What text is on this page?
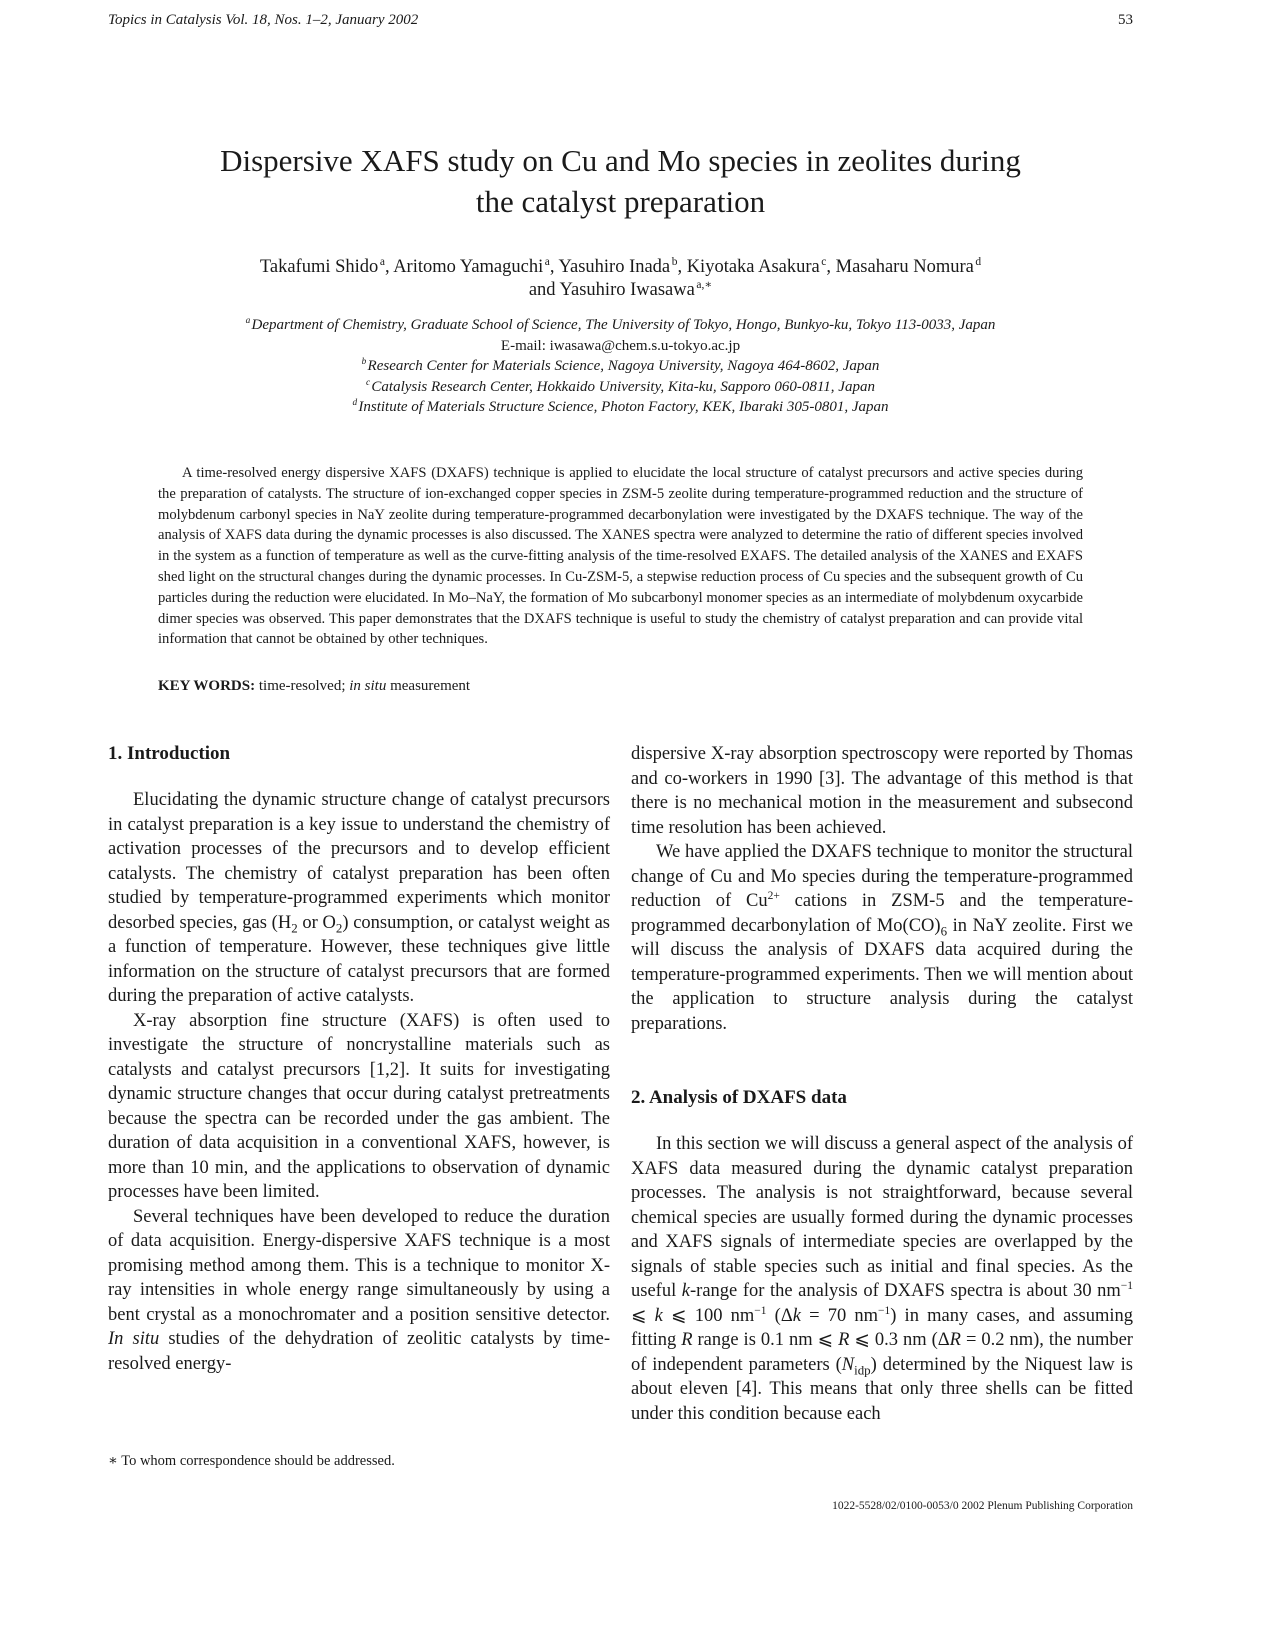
Topics in Catalysis Vol. 18, Nos. 1–2, January 2002	53
Dispersive XAFS study on Cu and Mo species in zeolites during
the catalyst preparation
Takafumi Shido  $^a$, Aritomo Yamaguchi  $^a$, Yasuhiro Inada  $^b$, Kiyotaka Asakura  $^c$, Masaharu Nomura  $^d$
and Yasuhiro Iwasawa  $^{a,∗}$
$^a$ Department of Chemistry, Graduate School of Science, The University of Tokyo, Hongo, Bunkyo-ku, Tokyo 113-0033, Japan
E-mail: iwasawa@chem.s.u-tokyo.ac.jp
$^b$ Research Center for Materials Science, Nagoya University, Nagoya 464-8602, Japan
$^c$ Catalysis Research Center, Hokkaido University, Kita-ku, Sapporo 060-0811, Japan
$^d$ Institute of Materials Structure Science, Photon Factory, KEK, Ibaraki 305-0801, Japan

A time-resolved energy dispersive XAFS (DXAFS) technique is applied to elucidate the local structure of catalyst precursors and active species during the preparation of catalysts. The structure of ion-exchanged copper species in ZSM-5 zeolite during temperature-programmed reduction and the structure of molybdenum carbonyl species in NaY zeolite during temperature-programmed decarbonylation were investigated by the DXAFS technique. The way of the analysis of XAFS data during the dynamic processes is also discussed. The XANES spectra were analyzed to determine the ratio of different species involved in the system as a function of temperature as well as the curve-fitting analysis of the time-resolved EXAFS. The detailed analysis of the XANES and EXAFS shed light on the structural changes during the dynamic processes. In Cu-ZSM-5, a stepwise reduction process of Cu species and the subsequent growth of Cu particles during the reduction were elucidated. In Mo–NaY, the formation of Mo subcarbonyl monomer species as an intermediate of molybdenum oxycarbide dimer species was observed. This paper demonstrates that the DXAFS technique is useful to study the chemistry of catalyst preparation and can provide vital information that cannot be obtained by other techniques.

KEY WORDS: time-resolved; in situ measurement
1. Introduction

Elucidating the dynamic structure change of catalyst precursors in catalyst preparation is a key issue to understand the chemistry of activation processes of the precursors and to develop efficient catalysts. The chemistry of catalyst preparation has been often studied by temperature-programmed experiments which monitor desorbed species, gas ($H_2$ or $O_2$) consumption, or catalyst weight as a function of temperature. However, these techniques give little information on the structure of catalyst precursors that are formed during the preparation of active catalysts.

X-ray absorption fine structure (XAFS) is often used to investigate the structure of noncrystalline materials such as catalysts and catalyst precursors [1,2]. It suits for investigating dynamic structure changes that occur during catalyst pretreatments because the spectra can be recorded under the gas ambient. The duration of data acquisition in a conventional XAFS, however, is more than 10 min, and the applications to observation of dynamic processes have been limited.

Several techniques have been developed to reduce the duration of data acquisition. Energy-dispersive XAFS technique is a most promising method among them. This is a technique to monitor X-ray intensities in whole energy range simultaneously by using a bent crystal as a monochromater and a position sensitive detector. In situ studies of the dehydration of zeolitic catalysts by time-resolved energy-

dispersive X-ray absorption spectroscopy were reported by Thomas and co-workers in 1990 [3]. The advantage of this method is that there is no mechanical motion in the measurement and subsecond time resolution has been achieved.

We have applied the DXAFS technique to monitor the structural change of Cu and Mo species during the temperature-programmed reduction of $Cu^{2+}$ cations in ZSM-5 and the temperature-programmed decarbonylation of $Mo(CO)_6$ in NaY zeolite. First we will discuss the analysis of DXAFS data acquired during the temperature-programmed experiments. Then we will mention about the application to structure analysis during the catalyst preparations.

2. Analysis of DXAFS data

In this section we will discuss a general aspect of the analysis of XAFS data measured during the dynamic catalyst preparation processes. The analysis is not straightforward, because several chemical species are usually formed during the dynamic processes and XAFS signals of intermediate species are overlapped by the signals of stable species such as initial and final species. As the useful k-range for the analysis of DXAFS spectra is about 30 $nm^{-1}$ ⩽ k ⩽ 100 $nm^{-1}$ (Δk = 70 $nm^{-1}$) in many cases, and assuming fitting R range is 0.1 nm ⩽ R ⩽ 0.3 nm (ΔR = 0.2 nm), the number of independent parameters $(N_{idp})$ determined by the Niquest law is about eleven [4]. This means that only three shells can be fitted under this condition because each

∗ To whom correspondence should be addressed.
1022-5528/02/0100-0053/0 2002 Plenum Publishing Corporation
